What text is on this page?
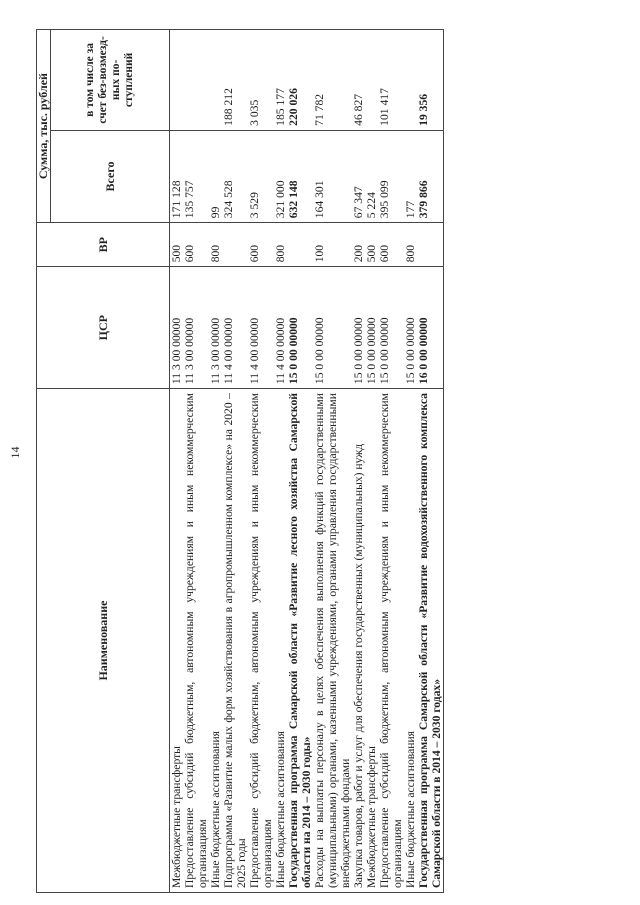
14
Наименование	ЦСР	ВР	Сумма, тыс. рублей	
			Всего	в том числе за счет без-возмезд-ных по-ступлений
Межбюджетные трансферты	11 3 00 00000	500	171 128	
Предоставление субсидий бюджетным, автономным учреждениям и иным некоммерческим организациям	11 3 00 00000	600	135 757	
Иные бюджетные ассигнования	11 3 00 00000	800	99	
Подпрограмма «Развитие малых форм хозяйствования в агропромышленном комплексе» на 2020 – 2025 годы	11 4 00 00000		324 528	188 212
Предоставление субсидий бюджетным, автономным учреждениям и иным некоммерческим организациям	11 4 00 00000	600	3 529	3 035
Иные бюджетные ассигнования	11 4 00 00000	800	321 000	185 177
Государственная программа Самарской области «Развитие лесного хозяйства Самарской области на 2014 – 2030 годы»	15 0 00 00000		632 148	220 026
Расходы на выплаты персоналу в целях обеспечения выполнения функций государственными (муниципальными) органами, казенными учреждениями, органами управления государственными внебюджетными фондами	15 0 00 00000	100	164 301	71 782
Закупка товаров, работ и услуг для обеспечения государственных (муниципальных) нужд	15 0 00 00000	200	67 347	46 827
Межбюджетные трансферты	15 0 00 00000	500	5 224	
Предоставление субсидий бюджетным, автономным учреждениям и иным некоммерческим организациям	15 0 00 00000	600	395 099	101 417
Иные бюджетные ассигнования	15 0 00 00000	800	177	
Государственная программа Самарской области «Развитие водохозяйственного комплекса Самарской области в 2014 – 2030 годах»	16 0 00 00000		379 866	19 356
